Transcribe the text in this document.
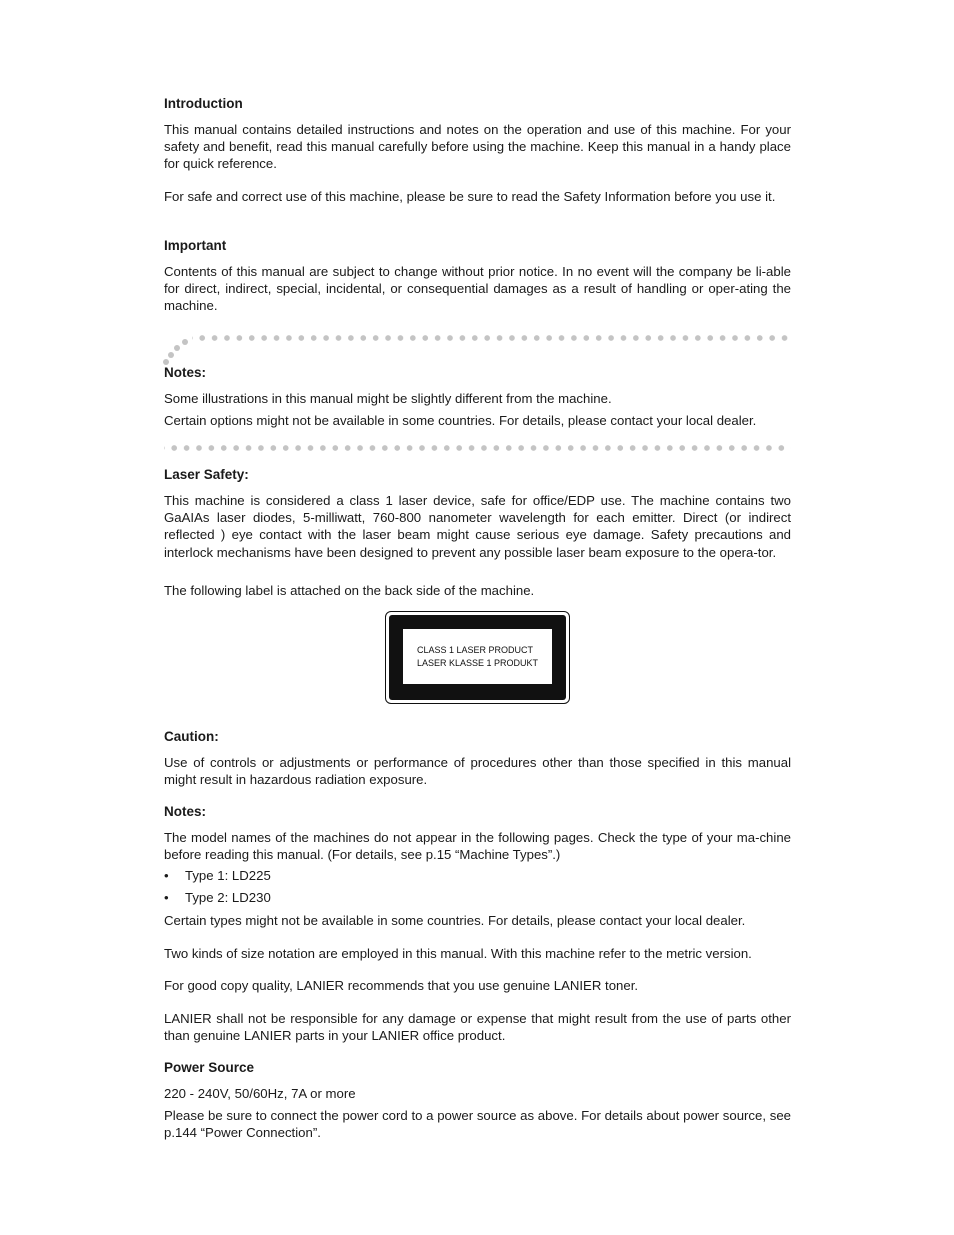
Introduction

This manual contains detailed instructions and notes on the operation and use of this machine. For your safety and benefit, read this manual carefully before using the machine. Keep this manual in a handy place for quick reference.

For safe and correct use of this machine, please be sure to read the Safety Information before you use it.

Important

Contents of this manual are subject to change without prior notice. In no event will the company be li-able for direct, indirect, special, incidental, or consequential damages as a result of handling or oper-ating the machine.

Notes:

Some illustrations in this manual might be slightly different from the machine.

Certain options might not be available in some countries. For details, please contact your local dealer.

Laser Safety:

This machine is considered a class 1 laser device, safe for office/EDP use. The machine contains two GaAIAs laser diodes, 5-milliwatt, 760-800 nanometer wavelength for each emitter. Direct (or indirect reflected ) eye contact with the laser beam might cause serious eye damage. Safety precautions and interlock mechanisms have been designed to prevent any possible laser beam exposure to the opera-tor.

The following label is attached on the back side of the machine.

CLASS 1 LASER PRODUCT
LASER KLASSE 1 PRODUKT
Caution:

Use of controls or adjustments or performance of procedures other than those specified in this manual might result in hazardous radiation exposure.

Notes:

The model names of the machines do not appear in the following pages. Check the type of your ma-chine before reading this manual. (For details, see p.15 “Machine Types”.)

• Type 1: LD225
• Type 2: LD230

Certain types might not be available in some countries. For details, please contact your local dealer.

Two kinds of size notation are employed in this manual. With this machine refer to the metric version.

For good copy quality, LANIER recommends that you use genuine LANIER toner.

LANIER shall not be responsible for any damage or expense that might result from the use of parts other than genuine LANIER parts in your LANIER office product.

Power Source

220 - 240V, 50/60Hz, 7A or more

Please be sure to connect the power cord to a power source as above. For details about power source, see p.144 “Power Connection”.
